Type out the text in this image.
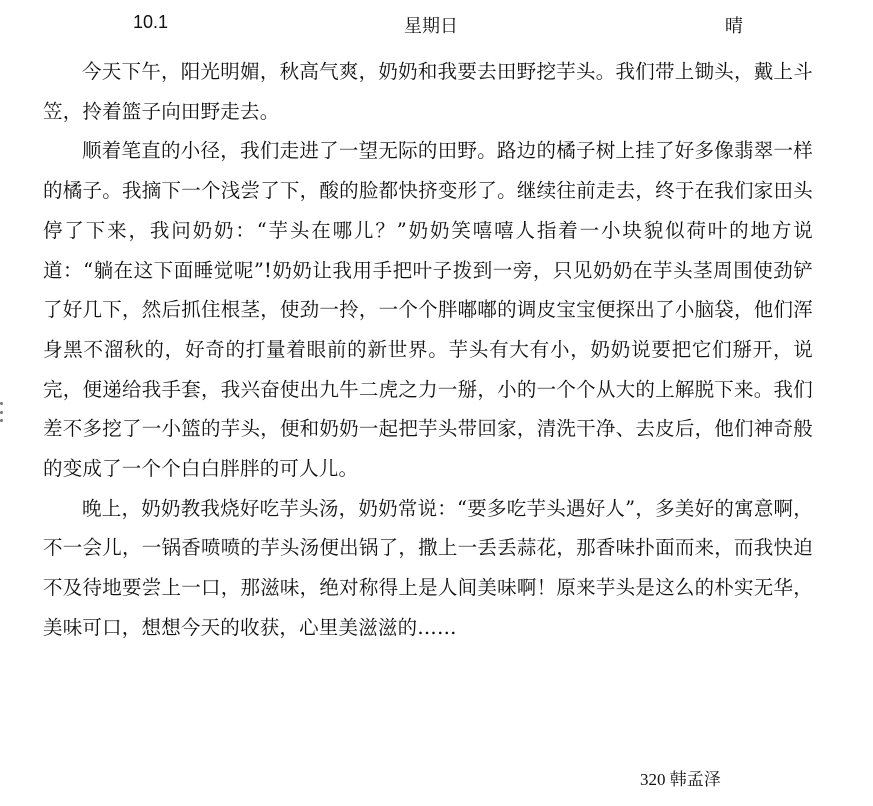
10.1	星期日	晴

今天下午，阳光明媚，秋高气爽，奶奶和我要去田野挖芋头。我们带上锄头，戴上斗笠，拎着篮子向田野走去。

顺着笔直的小径，我们走进了一望无际的田野。路边的橘子树上挂了好多像翡翠一样的橘子。我摘下一个浅尝了下，酸的脸都快挤变形了。继续往前走去，终于在我们家田头停了下来，我问奶奶：“芋头在哪儿？”奶奶笑嘻嘻人指着一小块貌似荷叶的地方说道：“躺在这下面睡觉呢”!奶奶让我用手把叶子拨到一旁，只见奶奶在芋头茎周围使劲铲了好几下，然后抓住根茎，使劲一拎，一个个胖嘟嘟的调皮宝宝便探出了小脑袋，他们浑身黑不溜秋的，好奇的打量着眼前的新世界。芋头有大有小，奶奶说要把它们掰开，说完，便递给我手套，我兴奋使出九牛二虎之力一掰，小的一个个从大的上解脱下来。我们差不多挖了一小篮的芋头，便和奶奶一起把芋头带回家，清洗干净、去皮后，他们神奇般的变成了一个个白白胖胖的可人儿。

晚上，奶奶教我烧好吃芋头汤，奶奶常说：“要多吃芋头遇好人”，多美好的寓意啊，不一会儿，一锅香喷喷的芋头汤便出锅了，撒上一丢丢蒜花，那香味扑面而来，而我快迫不及待地要尝上一口，那滋味，绝对称得上是人间美味啊！原来芋头是这么的朴实无华，美味可口，想想今天的收获，心里美滋滋的……

320 韩孟泽
